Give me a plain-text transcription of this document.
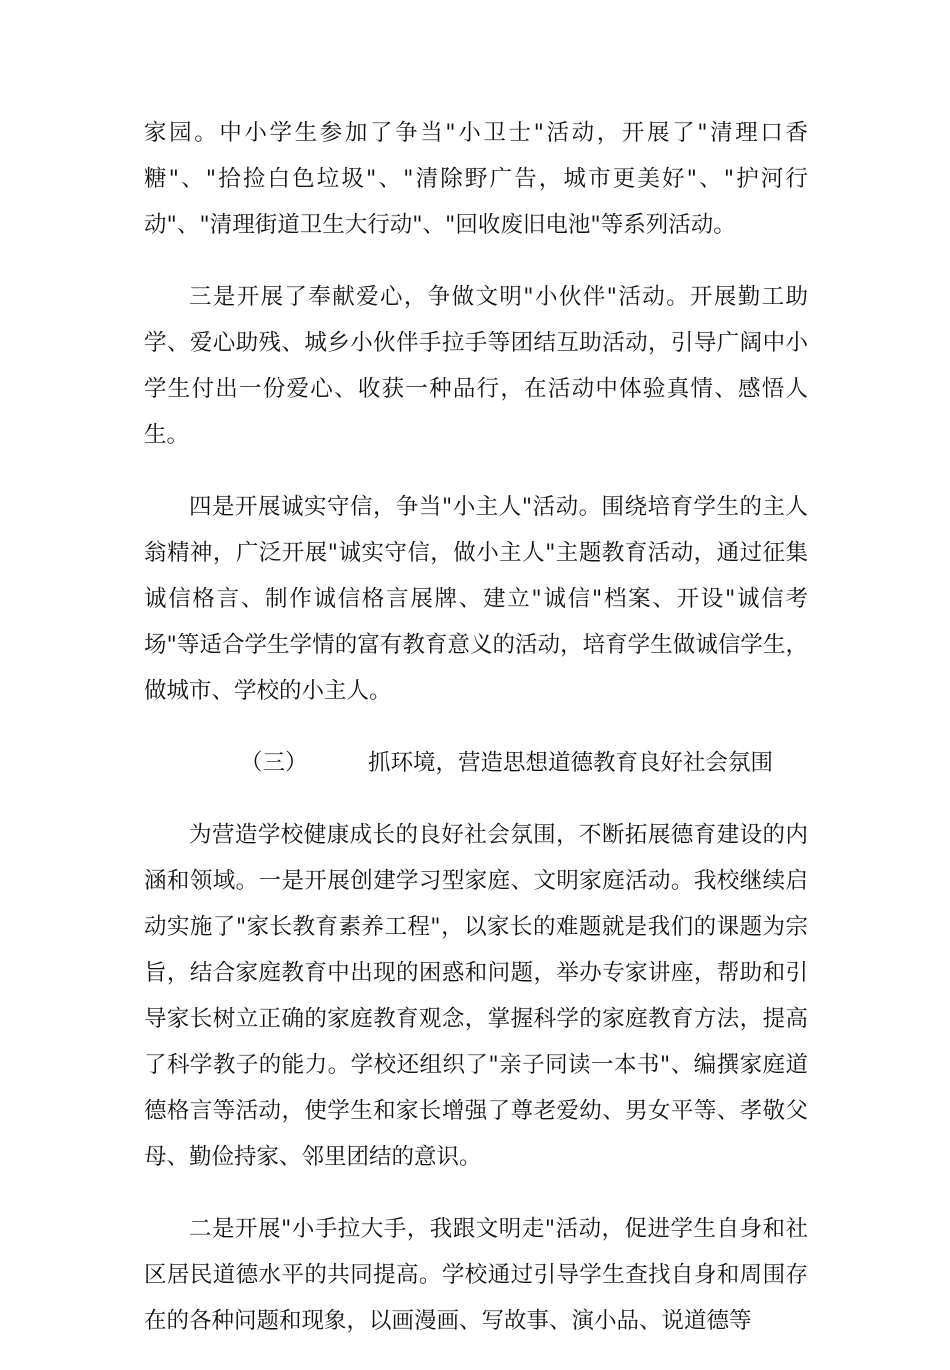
家园。中小学生参加了争当"小卫士"活动，开展了"清理口香糖"、"拾捡白色垃圾"、"清除野广告，城市更美好"、"护河行动"、"清理街道卫生大行动"、"回收废旧电池"等系列活动。

三是开展了奉献爱心，争做文明"小伙伴"活动。开展勤工助学、爱心助残、城乡小伙伴手拉手等团结互助活动，引导广阔中小学生付出一份爱心、收获一种品行，在活动中体验真情、感悟人生。

四是开展诚实守信，争当"小主人"活动。围绕培育学生的主人翁精神，广泛开展"诚实守信，做小主人"主题教育活动，通过征集诚信格言、制作诚信格言展牌、建立"诚信"档案、开设"诚信考场"等适合学生学情的富有教育意义的活动，培育学生做诚信学生，做城市、学校的小主人。

（三）	抓环境，营造思想道德教育良好社会氛围

为营造学校健康成长的良好社会氛围，不断拓展德育建设的内涵和领域。一是开展创建学习型家庭、文明家庭活动。我校继续启动实施了"家长教育素养工程"，以家长的难题就是我们的课题为宗旨，结合家庭教育中出现的困惑和问题，举办专家讲座，帮助和引导家长树立正确的家庭教育观念，掌握科学的家庭教育方法，提高了科学教子的能力。学校还组织了"亲子同读一本书"、编撰家庭道德格言等活动，使学生和家长增强了尊老爱幼、男女平等、孝敬父母、勤俭持家、邻里团结的意识。

二是开展"小手拉大手，我跟文明走"活动，促进学生自身和社区居民道德水平的共同提高。学校通过引导学生查找自身和周围存在的各种问题和现象，以画漫画、写故事、演小品、说道德等
